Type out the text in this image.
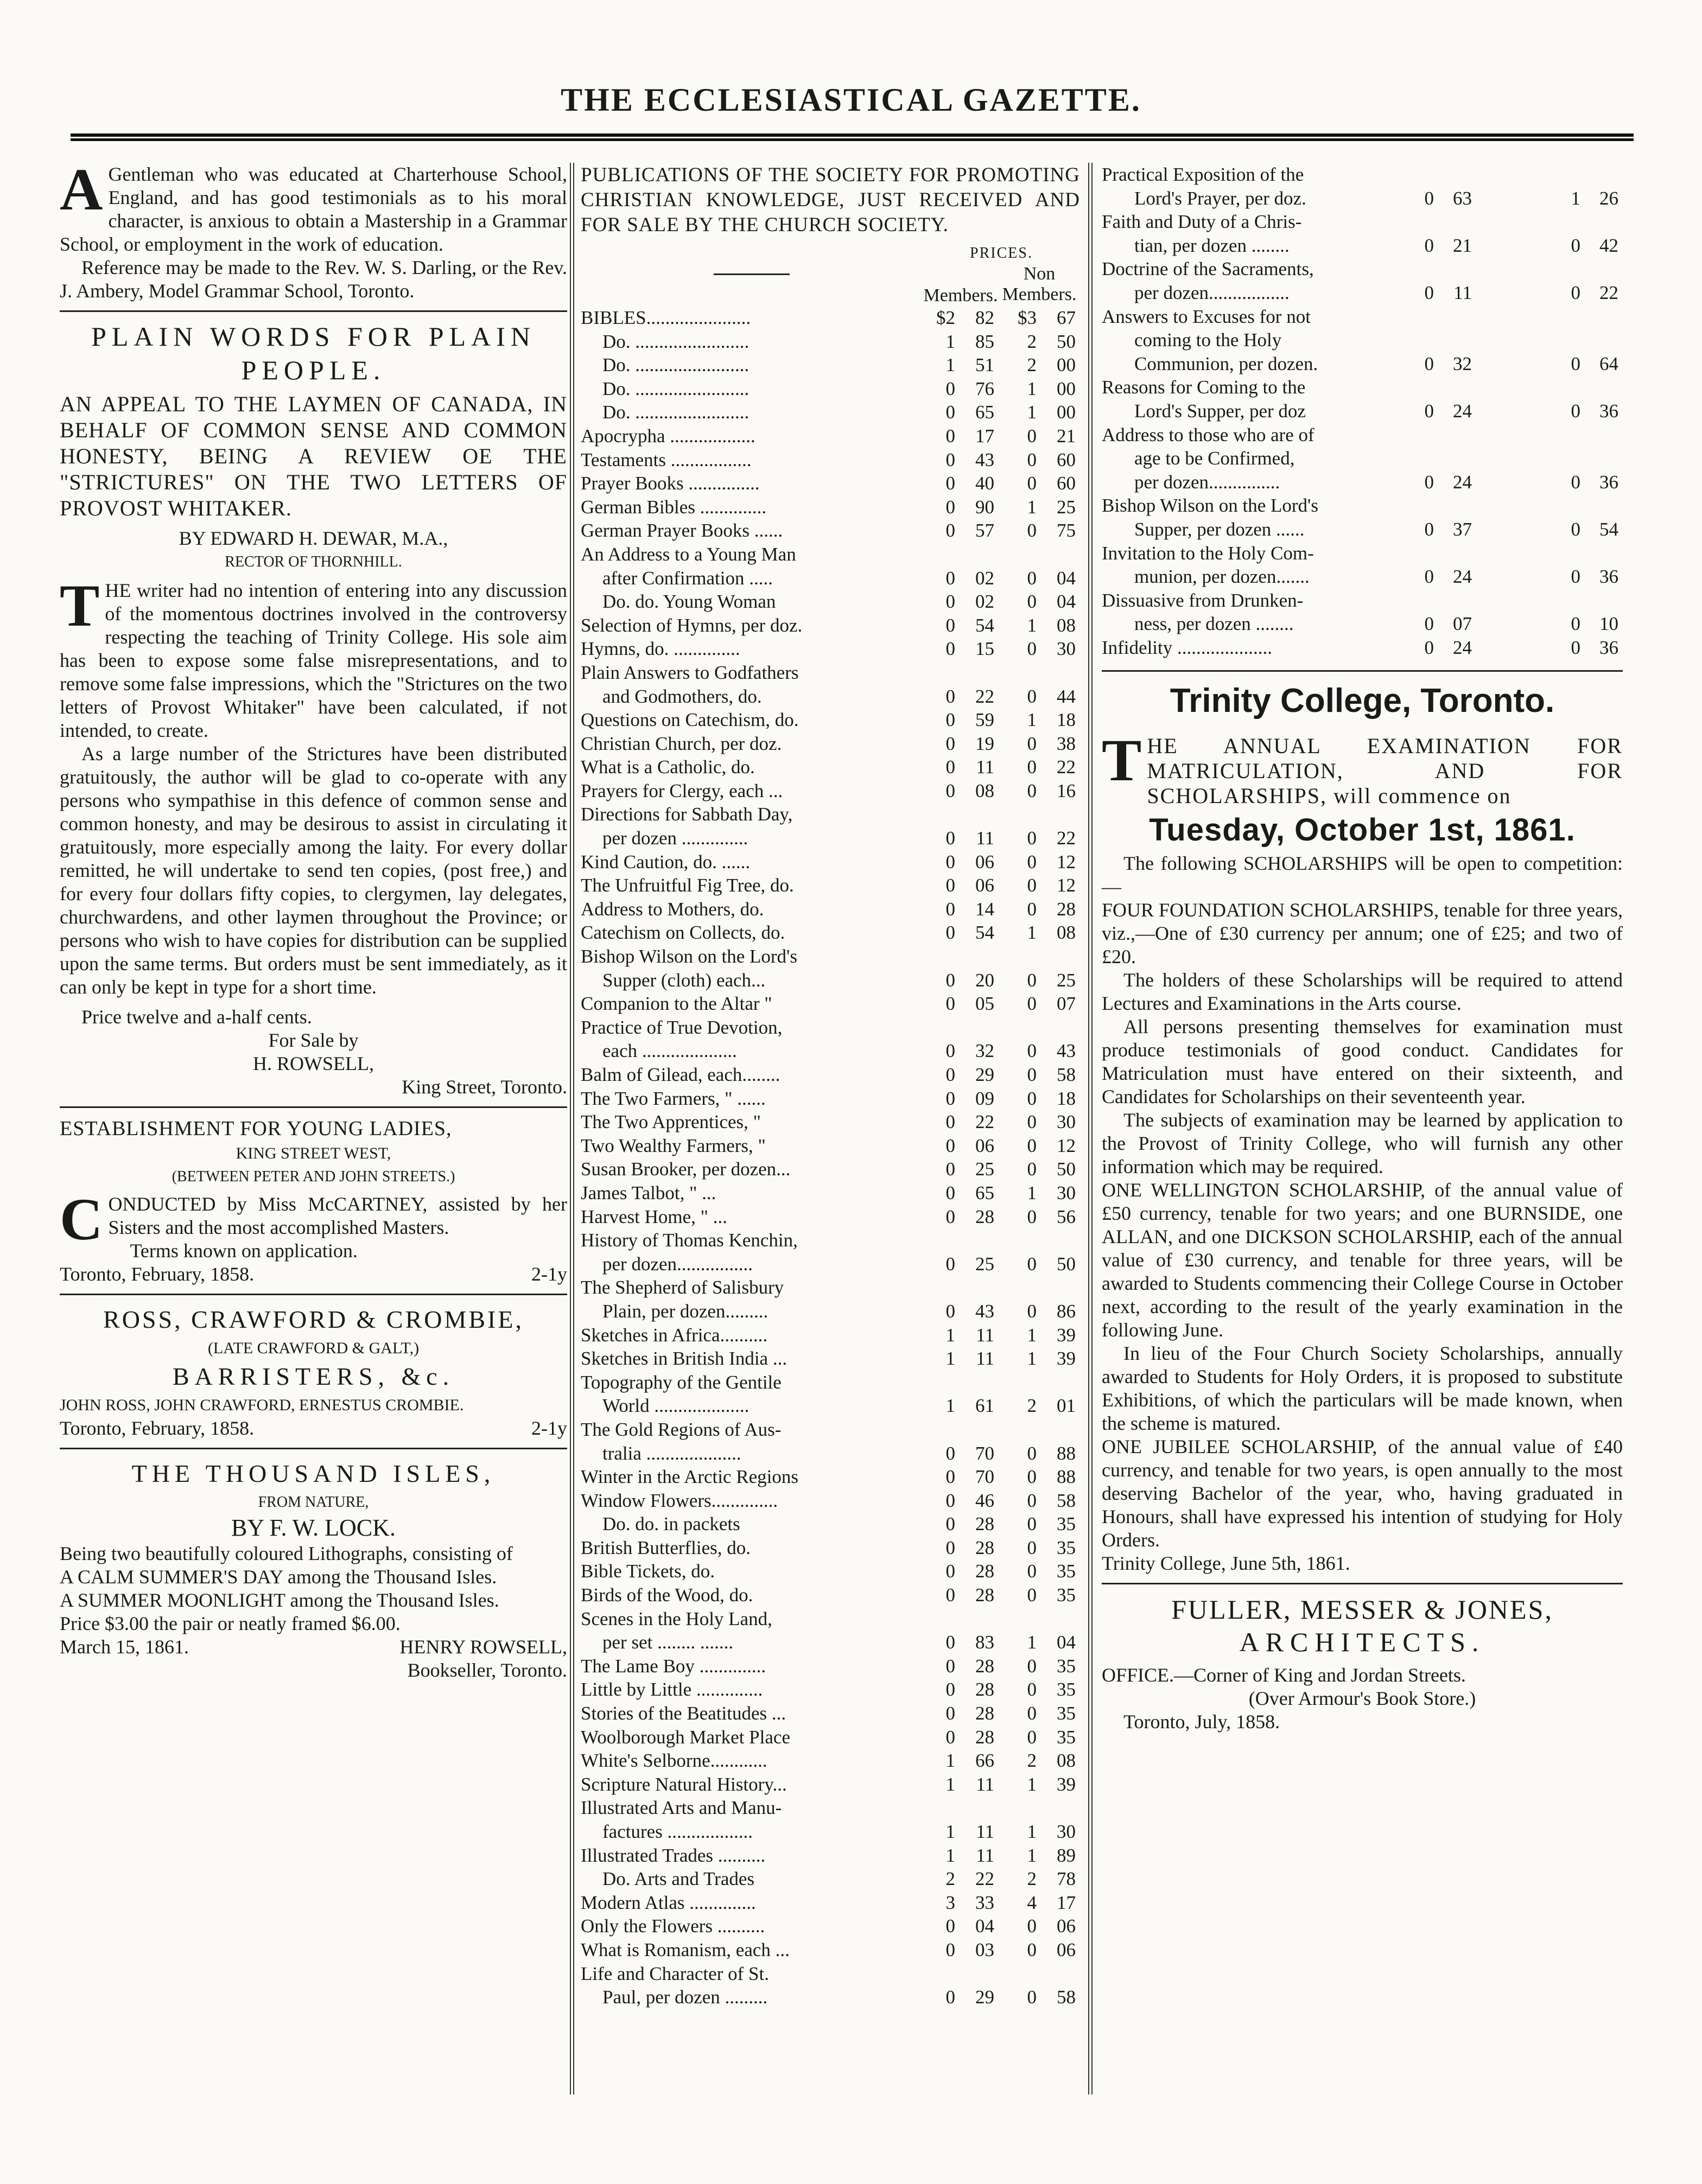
THE ECCLESIASTICAL GAZETTE.

A Gentleman who was educated at Charterhouse School, England, and has good testimonials as to his moral character, is anxious to obtain a Mastership in a Grammar School, or employment in the work of education.

Reference may be made to the Rev. W. S. Darling, or the Rev. J. Ambery, Model Grammar School, Toronto.

PLAIN WORDS FOR PLAIN PEOPLE.

AN APPEAL TO THE LAYMEN OF CANADA, IN BEHALF OF COMMON SENSE AND COMMON HONESTY, BEING A REVIEW OE THE "STRICTURES" ON THE TWO LETTERS OF PROVOST WHITAKER.

BY EDWARD H. DEWAR, M.A.,

RECTOR OF THORNHILL.

THE writer had no intention of entering into any discussion of the momentous doctrines involved in the controversy respecting the teaching of Trinity College. His sole aim has been to expose some false misrepresentations, and to remove some false impressions, which the "Strictures on the two letters of Provost Whitaker" have been calculated, if not intended, to create.

As a large number of the Strictures have been distributed gratuitously, the author will be glad to co-operate with any persons who sympathise in this defence of common sense and common honesty, and may be desirous to assist in circulating it gratuitously, more especially among the laity. For every dollar remitted, he will undertake to send ten copies, (post free,) and for every four dollars fifty copies, to clergymen, lay delegates, churchwardens, and other laymen throughout the Province; or persons who wish to have copies for distribution can be supplied upon the same terms. But orders must be sent immediately, as it can only be kept in type for a short time.

Price twelve and a-half cents.

For Sale by

H. ROWSELL,

King Street, Toronto.

ESTABLISHMENT FOR YOUNG LADIES,

KING STREET WEST,

(BETWEEN PETER AND JOHN STREETS.)

CONDUCTED by Miss McCARTNEY, assisted by her Sisters and the most accomplished Masters.

Terms known on application.

Toronto, February, 1858.	2-1y

ROSS, CRAWFORD & CROMBIE,

(LATE CRAWFORD & GALT,)

BARRISTERS, &c.

JOHN ROSS, JOHN CRAWFORD, ERNESTUS CROMBIE.

Toronto, February, 1858.	2-1y

THE THOUSAND ISLES,

FROM NATURE,

BY F. W. LOCK.

Being two beautifully coloured Lithographs, consisting of

A CALM SUMMER'S DAY among the Thousand Isles.

A SUMMER MOONLIGHT among the Thousand Isles.

Price $3.00 the pair or neatly framed $6.00.

March 15, 1861.	HENRY ROWSELL,

Bookseller, Toronto.

PUBLICATIONS OF THE SOCIETY FOR PROMOTING CHRISTIAN KNOWLEDGE, JUST RECEIVED AND FOR SALE BY THE CHURCH SOCIETY.

PRICES.
Members.
Non Members.
BIBLES......................	$2	82	$3	67
Do. ........................	1	85	2	50
Do. ........................	1	51	2	00
Do. ........................	0	76	1	00
Do. ........................	0	65	1	00
Apocrypha ..................	0	17	0	21
Testaments .................	0	43	0	60
Prayer Books ...............	0	40	0	60
German Bibles ..............	0	90	1	25
German Prayer Books ......	0	57	0	75
An Address to a Young Man
after Confirmation .....	0	02	0	04
Do. do. Young Woman	0	02	0	04
Selection of Hymns, per doz.	0	54	1	08
Hymns, do. ..............	0	15	0	30
Plain Answers to Godfathers
and Godmothers, do.	0	22	0	44
Questions on Catechism, do.	0	59	1	18
Christian Church, per doz.	0	19	0	38
What is a Catholic, do.	0	11	0	22
Prayers for Clergy, each ...	0	08	0	16
Directions for Sabbath Day,
per dozen ..............	0	11	0	22
Kind Caution, do. ......	0	06	0	12
The Unfruitful Fig Tree, do.	0	06	0	12
Address to Mothers, do.	0	14	0	28
Catechism on Collects, do.	0	54	1	08
Bishop Wilson on the Lord's
Supper (cloth) each...	0	20	0	25
Companion to the Altar "	0	05	0	07
Practice of True Devotion,
each ....................	0	32	0	43
Balm of Gilead, each........	0	29	0	58
The Two Farmers, " ......	0	09	0	18
The Two Apprentices, "	0	22	0	30
Two Wealthy Farmers, "	0	06	0	12
Susan Brooker, per dozen...	0	25	0	50
James Talbot, " ...	0	65	1	30
Harvest Home, " ...	0	28	0	56
History of Thomas Kenchin,
per dozen................	0	25	0	50
The Shepherd of Salisbury
Plain, per dozen.........	0	43	0	86
Sketches in Africa..........	1	11	1	39
Sketches in British India ...	1	11	1	39
Topography of the Gentile
World ....................	1	61	2	01
The Gold Regions of Aus-
tralia ....................	0	70	0	88
Winter in the Arctic Regions	0	70	0	88
Window Flowers..............	0	46	0	58
Do. do. in packets	0	28	0	35
British Butterflies, do.	0	28	0	35
Bible Tickets, do.	0	28	0	35
Birds of the Wood, do.	0	28	0	35
Scenes in the Holy Land,
per set ........ .......	0	83	1	04
The Lame Boy ..............	0	28	0	35
Little by Little ..............	0	28	0	35
Stories of the Beatitudes ...	0	28	0	35
Woolborough Market Place	0	28	0	35
White's Selborne............	1	66	2	08
Scripture Natural History...	1	11	1	39
Illustrated Arts and Manu-
factures ..................	1	11	1	30
Illustrated Trades ..........	1	11	1	89
Do. Arts and Trades	2	22	2	78
Modern Atlas ..............	3	33	4	17
Only the Flowers ..........	0	04	0	06
What is Romanism, each ...	0	03	0	06
Life and Character of St.
Paul, per dozen .........	0	29	0	58
Practical Exposition of the
Lord's Prayer, per doz.	0	63	1	26
Faith and Duty of a Chris-
tian, per dozen ........	0	21	0	42
Doctrine of the Sacraments,
per dozen.................	0	11	0	22
Answers to Excuses for not
coming to the Holy
Communion, per dozen.	0	32	0	64
Reasons for Coming to the
Lord's Supper, per doz	0	24	0	36
Address to those who are of
age to be Confirmed,
per dozen...............	0	24	0	36
Bishop Wilson on the Lord's
Supper, per dozen ......	0	37	0	54
Invitation to the Holy Com-
munion, per dozen.......	0	24	0	36
Dissuasive from Drunken-
ness, per dozen ........	0	07	0	10
Infidelity ....................	0	24	0	36
Trinity College, Toronto.

THE ANNUAL EXAMINATION FOR MATRICULATION, AND FOR SCHOLARSHIPS, will commence on

Tuesday, October 1st, 1861.

The following SCHOLARSHIPS will be open to competition:—

FOUR FOUNDATION SCHOLARSHIPS, tenable for three years, viz.,—One of £30 currency per annum; one of £25; and two of £20.

The holders of these Scholarships will be required to attend Lectures and Examinations in the Arts course.

All persons presenting themselves for examination must produce testimonials of good conduct. Candidates for Matriculation must have entered on their sixteenth, and Candidates for Scholarships on their seventeenth year.

The subjects of examination may be learned by application to the Provost of Trinity College, who will furnish any other information which may be required.

ONE WELLINGTON SCHOLARSHIP, of the annual value of £50 currency, tenable for two years; and one BURNSIDE, one ALLAN, and one DICKSON SCHOLARSHIP, each of the annual value of £30 currency, and tenable for three years, will be awarded to Students commencing their College Course in October next, according to the result of the yearly examination in the following June.

In lieu of the Four Church Society Scholarships, annually awarded to Students for Holy Orders, it is proposed to substitute Exhibitions, of which the particulars will be made known, when the scheme is matured.

ONE JUBILEE SCHOLARSHIP, of the annual value of £40 currency, and tenable for two years, is open annually to the most deserving Bachelor of the year, who, having graduated in Honours, shall have expressed his intention of studying for Holy Orders.

Trinity College, June 5th, 1861.

FULLER, MESSER & JONES,
ARCHITECTS.

OFFICE.—Corner of King and Jordan Streets.

(Over Armour's Book Store.)

Toronto, July, 1858.
